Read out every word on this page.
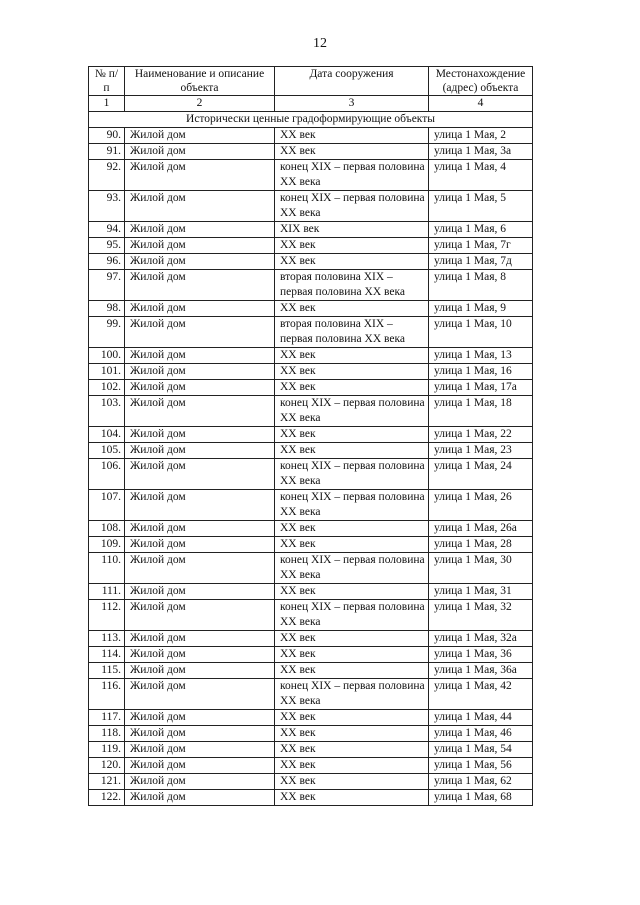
12
№ п/п	Наименование и описание объекта	Дата сооружения	Местонахождение (адрес) объекта
1	2	3	4
Исторически ценные градоформирующие объекты			
90.	Жилой дом	XX век	улица 1 Мая, 2
91.	Жилой дом	XX век	улица 1 Мая, 3а
92.	Жилой дом	конец XIX – первая половина XX века	улица 1 Мая, 4
93.	Жилой дом	конец XIX – первая половина XX века	улица 1 Мая, 5
94.	Жилой дом	XIX век	улица 1 Мая, 6
95.	Жилой дом	XX век	улица 1 Мая, 7г
96.	Жилой дом	XX век	улица 1 Мая, 7д
97.	Жилой дом	вторая половина XIX – первая половина XX века	улица 1 Мая, 8
98.	Жилой дом	XX век	улица 1 Мая, 9
99.	Жилой дом	вторая половина XIX – первая половина XX века	улица 1 Мая, 10
100.	Жилой дом	XX век	улица 1 Мая, 13
101.	Жилой дом	XX век	улица 1 Мая, 16
102.	Жилой дом	XX век	улица 1 Мая, 17а
103.	Жилой дом	конец XIX – первая половина XX века	улица 1 Мая, 18
104.	Жилой дом	XX век	улица 1 Мая, 22
105.	Жилой дом	XX век	улица 1 Мая, 23
106.	Жилой дом	конец XIX – первая половина XX века	улица 1 Мая, 24
107.	Жилой дом	конец XIX – первая половина XX века	улица 1 Мая, 26
108.	Жилой дом	XX век	улица 1 Мая, 26а
109.	Жилой дом	XX век	улица 1 Мая, 28
110.	Жилой дом	конец XIX – первая половина XX века	улица 1 Мая, 30
111.	Жилой дом	XX век	улица 1 Мая, 31
112.	Жилой дом	конец XIX – первая половина XX века	улица 1 Мая, 32
113.	Жилой дом	XX век	улица 1 Мая, 32а
114.	Жилой дом	XX век	улица 1 Мая, 36
115.	Жилой дом	XX век	улица 1 Мая, 36а
116.	Жилой дом	конец XIX – первая половина XX века	улица 1 Мая, 42
117.	Жилой дом	XX век	улица 1 Мая, 44
118.	Жилой дом	XX век	улица 1 Мая, 46
119.	Жилой дом	XX век	улица 1 Мая, 54
120.	Жилой дом	XX век	улица 1 Мая, 56
121.	Жилой дом	XX век	улица 1 Мая, 62
122.	Жилой дом	XX век	улица 1 Мая, 68
